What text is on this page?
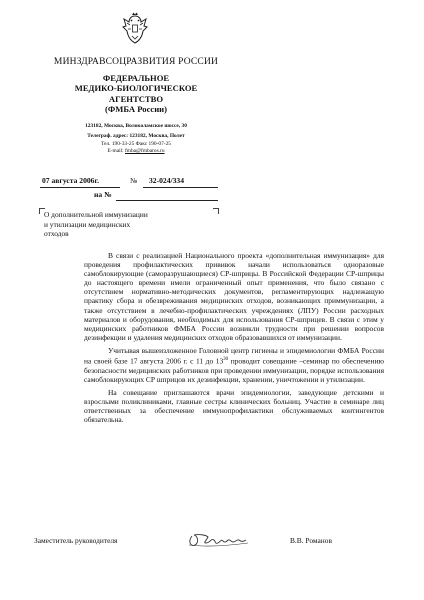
МИНЗДРАВСОЦРАЗВИТИЯ РОССИИ
ФЕДЕРАЛЬНОЕ
МЕДИКО-БИОЛОГИЧЕСКОЕ
АГЕНТСТВО
(ФМБА России)
123182, Москва, Волоколамское шоссе, 30
Телеграф. адрес: 123182, Москва, Полет
Тел. 190-33-25 Факс 190-07-25
E-mail: fmba@fmbaros.ru
07 августа 2006г.	№ 32-024/334
на №
О дополнительной иммунизации
и утилизации медицинских
отходов

В связи с реализацией Национального проекта «дополнительная иммунизация» для проведения профилактических прививок начали использоваться одноразовые самоблокирующие (саморазрушающиеся) СР-шприцы. В Российской Федерации СР-шприцы до настоящего времени имели ограниченный опыт применения, что было связано с отсутствием нормативно-методических документов, регламентирующих надлежащую практику сбора и обезвреживания медицинских отходов, возникающих приммунизации, а также отсутствием в лечебно-профилактических учреждениях (ЛПУ) России расходных материалов и оборудования, необходимых для использования СР-шприцев. В связи с этим у медицинских работников ФМБА России возникли трудности при решении вопросов дезинфекции и удаления медицинских отходов образовавшихся от иммунизации.

Учитывая вышеизложенное Головной центр гигиены и эпидемиологии ФМБА России на своей базе 17 августа 2006 г. с 11 до $13^{30}$ проводит совещание –семинар по обеспечению безопасности медицинских работников при проведении иммунизации, порядке использования самоблокирующих СР шприцов их дезинфекции, хранении, уничтожении и утилизации.

На совещание приглашаются врачи эпидемиологии, заведующие детскими и взрослыми поликлиниками, главные сестры клинических больниц. Участие в семинаре лиц ответственных за обеспечение иммунопрофилактики обслуживаемых контингентов обязательна.

Заместитель руководителя	В.В. Романов
